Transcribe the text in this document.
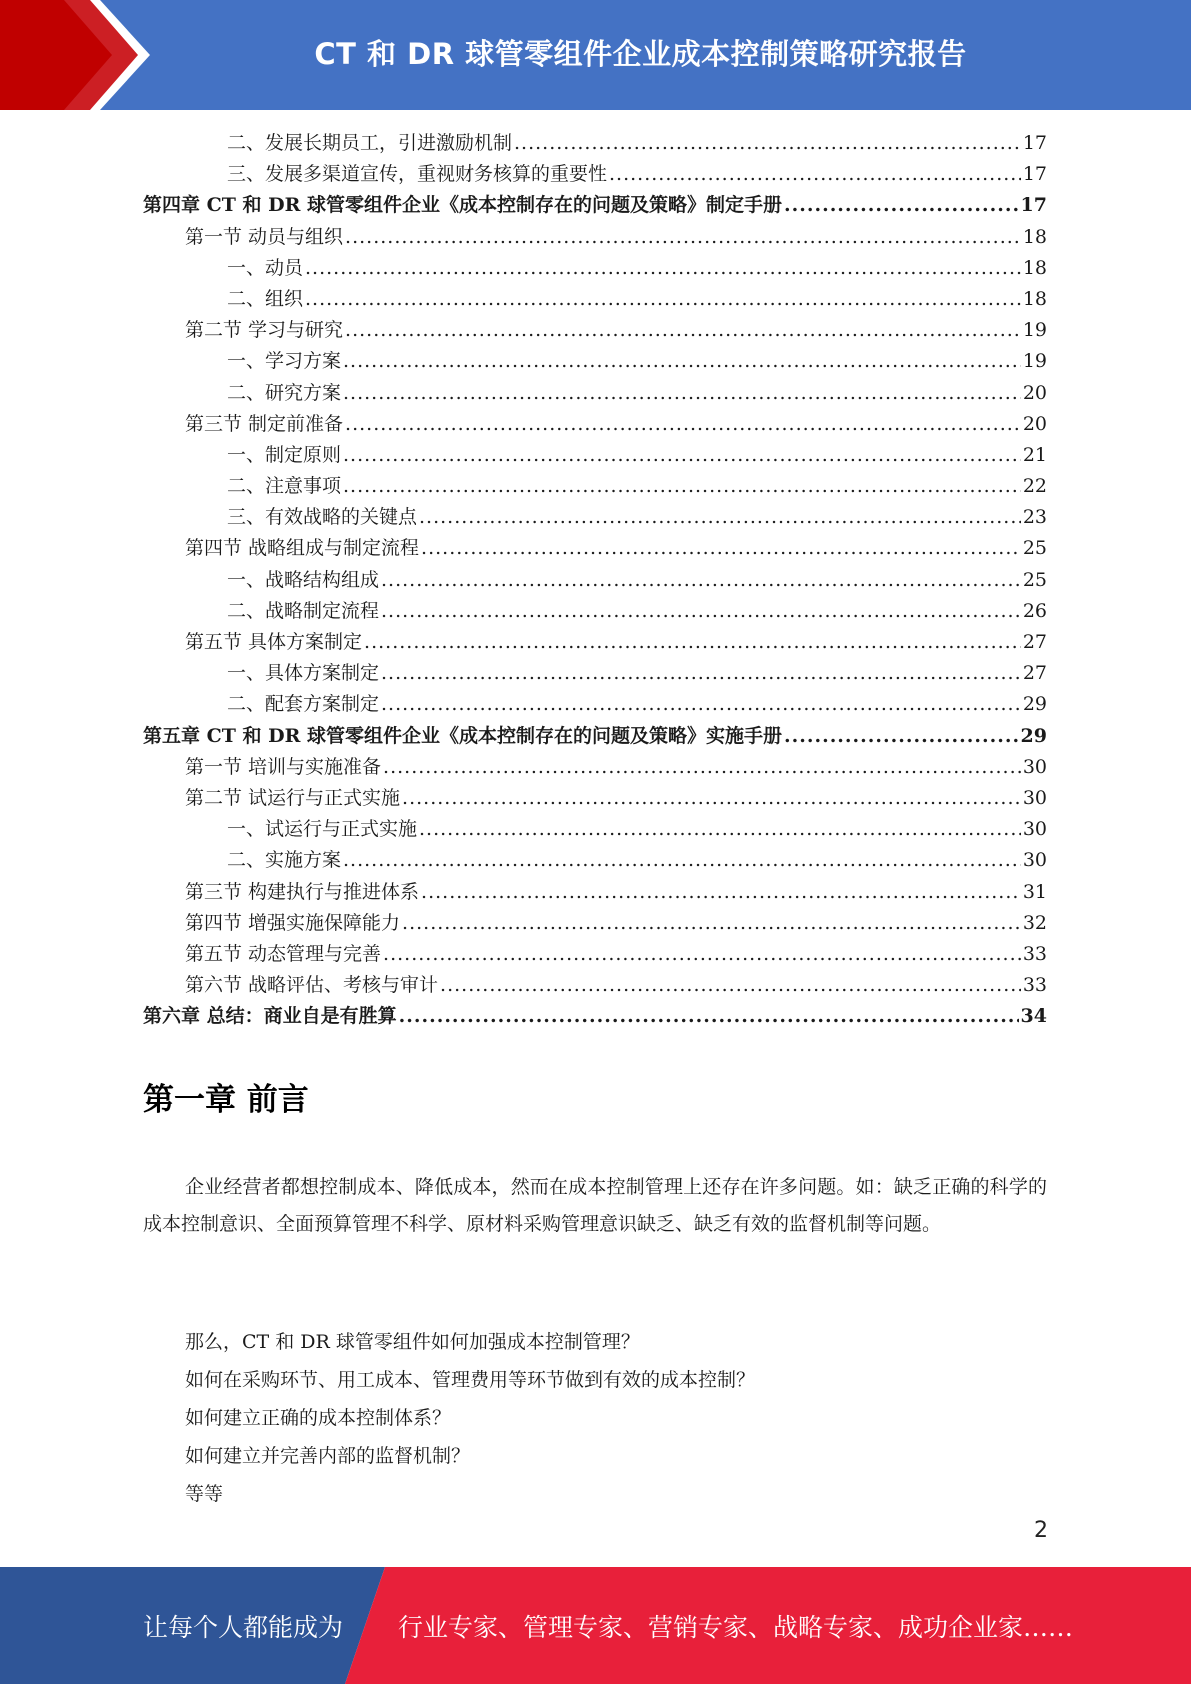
CT 和 DR 球管零组件企业成本控制策略研究报告
二、发展长期员工，引进激励机制 .....	17
三、发展多渠道宣传，重视财务核算的重要性 .....	17
第四章 CT 和 DR 球管零组件企业《成本控制存在的问题及策略》制定手册 .....	17
第一节 动员与组织 .....	18
一、动员 .....	18
二、组织 .....	18
第二节 学习与研究 .....	19
一、学习方案 .....	19
二、研究方案 .....	20
第三节 制定前准备 .....	20
一、制定原则 .....	21
二、注意事项 .....	22
三、有效战略的关键点 .....	23
第四节 战略组成与制定流程 .....	25
一、战略结构组成 .....	25
二、战略制定流程 .....	26
第五节 具体方案制定 .....	27
一、具体方案制定 .....	27
二、配套方案制定 .....	29
第五章 CT 和 DR 球管零组件企业《成本控制存在的问题及策略》实施手册 .....	29
第一节 培训与实施准备 .....	30
第二节 试运行与正式实施 .....	30
一、试运行与正式实施 .....	30
二、实施方案 .....	30
第三节 构建执行与推进体系 .....	31
第四节 增强实施保障能力 .....	32
第五节 动态管理与完善 .....	33
第六节 战略评估、考核与审计 .....	33
第六章 总结：商业自是有胜算 .....	34
第一章 前言

企业经营者都想控制成本、降低成本，然而在成本控制管理上还存在许多问题。如：缺乏正确的科学的成本控制意识、全面预算管理不科学、原材料采购管理意识缺乏、缺乏有效的监督机制等问题。

那么，CT 和 DR 球管零组件如何加强成本控制管理？
如何在采购环节、用工成本、管理费用等环节做到有效的成本控制？
如何建立正确的成本控制体系？
如何建立并完善内部的监督机制？
等等
2
让每个人都能成为 行业专家、管理专家、营销专家、战略专家、成功企业家……
